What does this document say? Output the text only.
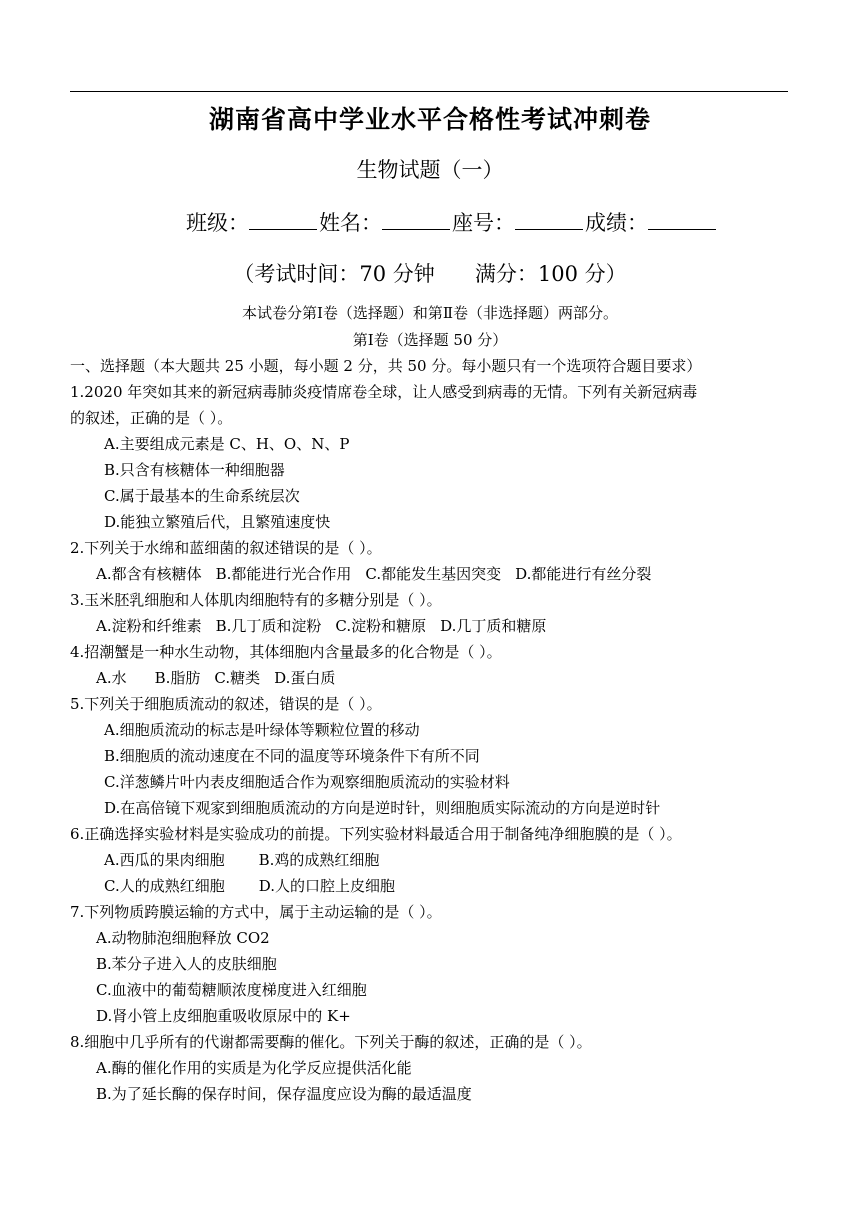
湖南省高中学业水平合格性考试冲刺卷
生物试题（一）
班级：	姓名：	座号：	成绩：
（考试时间：70 分钟 满分：100 分）
本试卷分第Ⅰ卷（选择题）和第Ⅱ卷（非选择题）两部分。
第Ⅰ卷（选择题 50 分）
一、选择题（本大题共 25 小题，每小题 2 分，共 50 分。每小题只有一个选项符合题目要求）
1.2020 年突如其来的新冠病毒肺炎疫情席卷全球，让人感受到病毒的无情。下列有关新冠病毒
的叙述，正确的是（ ）。
A.主要组成元素是 C、H、O、N、P
B.只含有核糖体一种细胞器
C.属于最基本的生命系统层次
D.能独立繁殖后代，且繁殖速度快
2.下列关于水绵和蓝细菌的叙述错误的是（ ）。
A.都含有核糖体 B.都能进行光合作用 C.都能发生基因突变 D.都能进行有丝分裂
3.玉米胚乳细胞和人体肌肉细胞特有的多糖分别是（ ）。
A.淀粉和纤维素 B.几丁质和淀粉 C.淀粉和糖原 D.几丁质和糖原
4.招潮蟹是一种水生动物，其体细胞内含量最多的化合物是（ ）。
A.水 B.脂肪 C.糖类 D.蛋白质
5.下列关于细胞质流动的叙述，错误的是（ ）。
A.细胞质流动的标志是叶绿体等颗粒位置的移动
B.细胞质的流动速度在不同的温度等环境条件下有所不同
C.洋葱鳞片叶内表皮细胞适合作为观察细胞质流动的实验材料
D.在高倍镜下观家到细胞质流动的方向是逆时针，则细胞质实际流动的方向是逆时针
6.正确选择实验材料是实验成功的前提。下列实验材料最适合用于制备纯净细胞膜的是（ ）。
A.西瓜的果肉细胞 B.鸡的成熟红细胞
C.人的成熟红细胞 D.人的口腔上皮细胞
7.下列物质跨膜运输的方式中，属于主动运输的是（ ）。
A.动物肺泡细胞释放 CO2
B.苯分子进入人的皮肤细胞
C.血液中的葡萄糖顺浓度梯度进入红细胞
D.肾小管上皮细胞重吸收原尿中的 K+
8.细胞中几乎所有的代谢都需要酶的催化。下列关于酶的叙述，正确的是（ ）。
A.酶的催化作用的实质是为化学反应提供活化能
B.为了延长酶的保存时间，保存温度应设为酶的最适温度
